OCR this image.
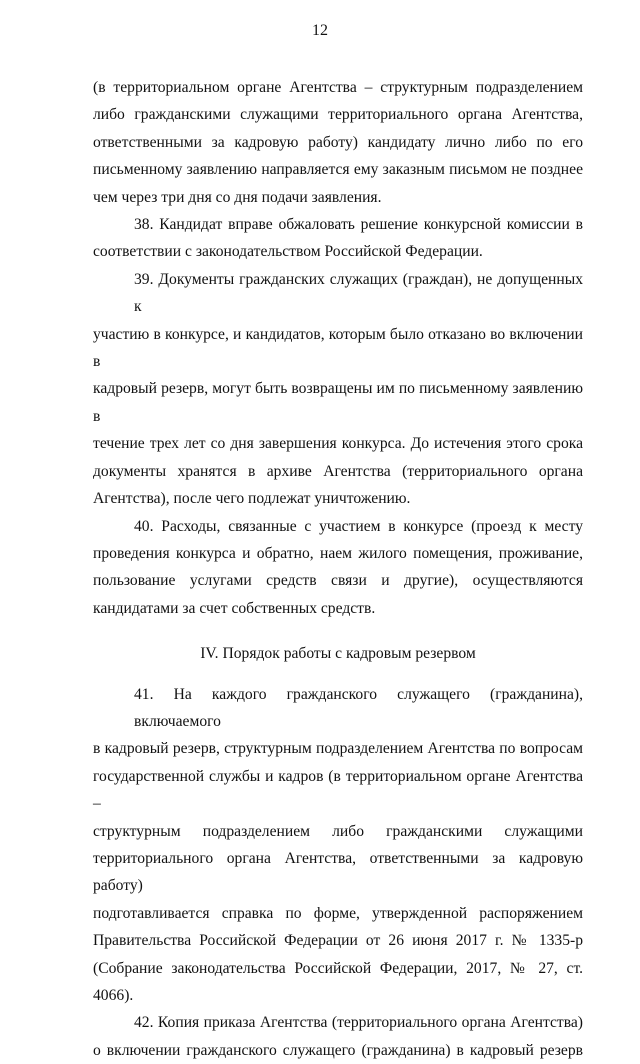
12

(в территориальном органе Агентства – структурным подразделением
либо гражданскими служащими территориального органа Агентства,
ответственными за кадровую работу) кандидату лично либо по его
письменному заявлению направляется ему заказным письмом не позднее
чем через три дня со дня подачи заявления.

38. Кандидат вправе обжаловать решение конкурсной комиссии в
соответствии с законодательством Российской Федерации.

39. Документы гражданских служащих (граждан), не допущенных к
участию в конкурсе, и кандидатов, которым было отказано во включении в
кадровый резерв, могут быть возвращены им по письменному заявлению в
течение трех лет со дня завершения конкурса. До истечения этого срока
документы хранятся в архиве Агентства (территориального органа
Агентства), после чего подлежат уничтожению.

40. Расходы, связанные с участием в конкурсе (проезд к месту
проведения конкурса и обратно, наем жилого помещения, проживание,
пользование услугами средств связи и другие), осуществляются
кандидатами за счет собственных средств.

IV. Порядок работы с кадровым резервом

41. На каждого гражданского служащего (гражданина), включаемого
в кадровый резерв, структурным подразделением Агентства по вопросам
государственной службы и кадров (в территориальном органе Агентства –
структурным подразделением либо гражданскими служащими
территориального органа Агентства, ответственными за кадровую работу)
подготавливается справка по форме, утвержденной распоряжением
Правительства Российской Федерации от 26 июня 2017 г. № 1335-р
(Собрание законодательства Российской Федерации, 2017, № 27, ст. 4066).

42. Копия приказа Агентства (территориального органа Агентства)
о включении гражданского служащего (гражданина) в кадровый резерв
